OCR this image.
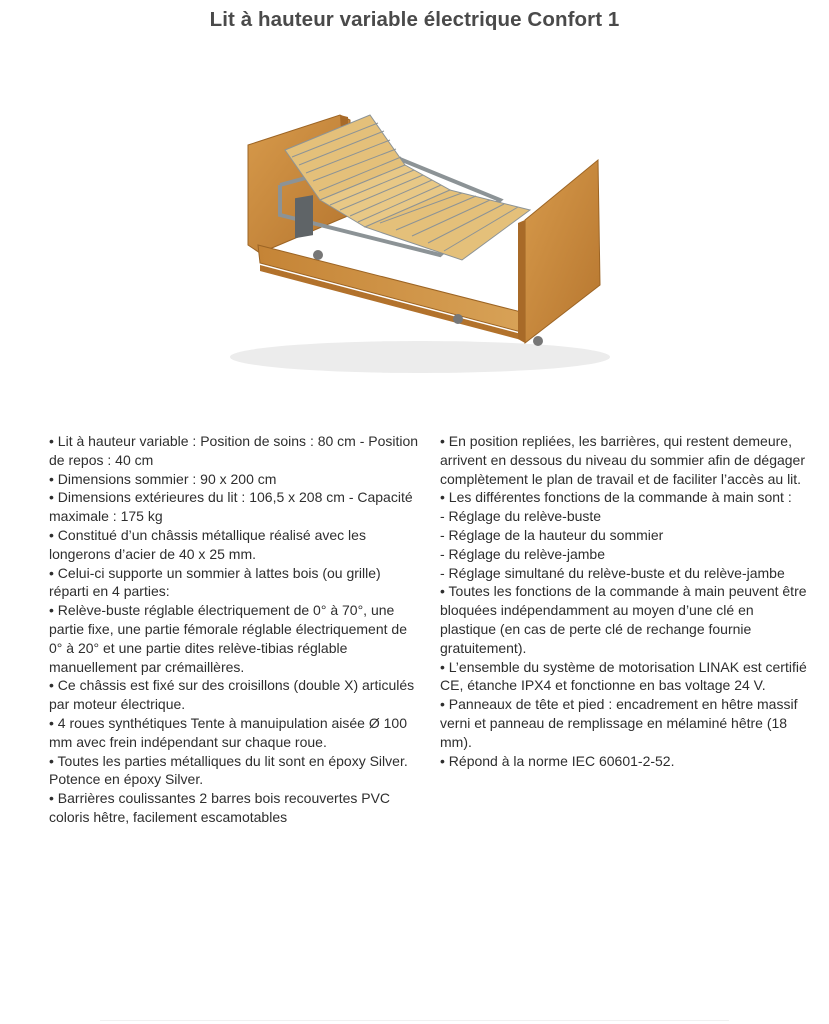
Lit à hauteur variable électrique Confort 1
• Lit à hauteur variable : Position de soins : 80 cm - Position de repos : 40 cm
• Dimensions sommier : 90 x 200 cm
• Dimensions extérieures du lit : 106,5 x 208 cm - Capacité maximale : 175 kg
• Constitué d’un châssis métallique réalisé avec les longerons d’acier de 40 x 25 mm.
• Celui-ci supporte un sommier à lattes bois (ou grille) réparti en 4 parties:
• Relève-buste réglable électriquement de 0° à 70°, une partie fixe, une partie fémorale réglable électriquement de 0° à 20° et une partie dites relève-tibias réglable manuellement par crémaillères.
• Ce châssis est fixé sur des croisillons (double X) articulés par moteur électrique.
• 4 roues synthétiques Tente à manuipulation aisée Ø 100 mm avec frein indépendant sur chaque roue.
• Toutes les parties métalliques du lit sont en époxy Silver. Potence en époxy Silver.
• Barrières coulissantes 2 barres bois recouvertes PVC coloris hêtre, facilement escamotables
• En position repliées, les barrières, qui restent demeure, arrivent en dessous du niveau du sommier afin de dégager complètement le plan de travail et de faciliter l’accès au lit.
• Les différentes fonctions de la commande à main sont :
- Réglage du relève-buste
- Réglage de la hauteur du sommier
- Réglage du relève-jambe
- Réglage simultané du relève-buste et du relève-jambe
• Toutes les fonctions de la commande à main peuvent être bloquées indépendamment au moyen d’une clé en plastique (en cas de perte clé de rechange fournie gratuitement).
• L’ensemble du système de motorisation LINAK est certifié CE, étanche IPX4 et fonctionne en bas voltage 24 V.
• Panneaux de tête et pied : encadrement en hêtre massif verni et panneau de remplissage en mélaminé hêtre (18 mm).
• Répond à la norme IEC 60601-2-52.
